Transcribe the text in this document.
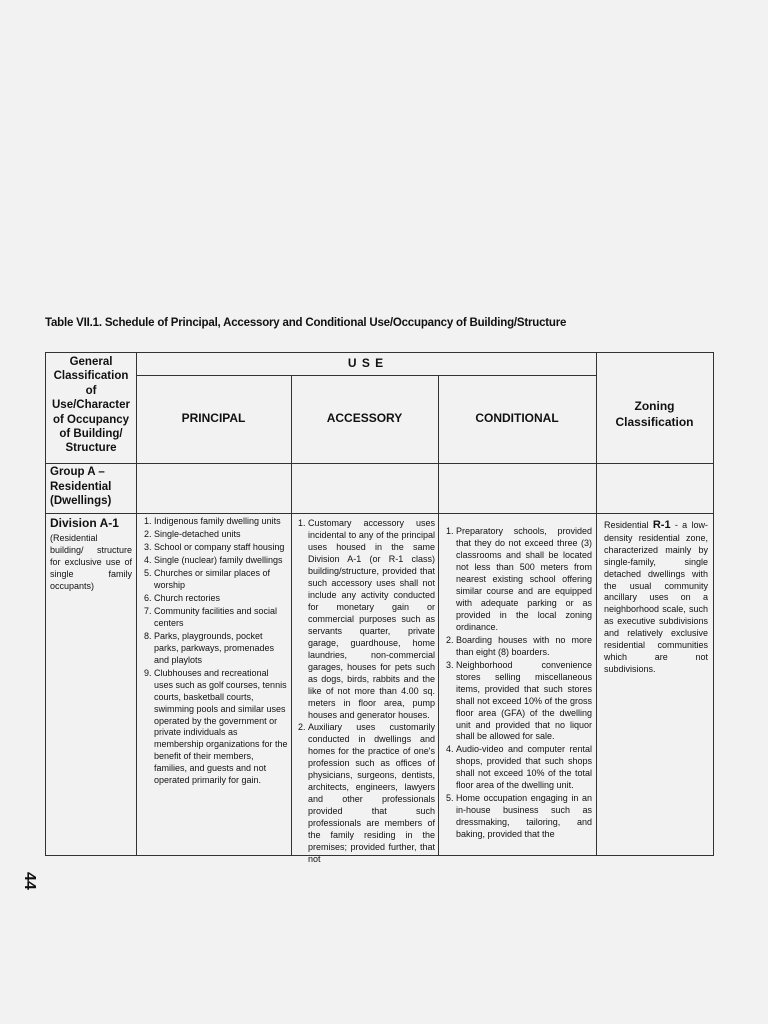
Table VII.1. Schedule of Principal, Accessory and Conditional Use/Occupancy of Building/Structure
General Classification of Use/Character of Occupancy of Building/ Structure
U S E
PRINCIPAL	ACCESSORY	CONDITIONAL
Zoning Classification
Group A – Residential (Dwellings)
Division A-1
(Residential building/ structure for exclusive use of single family occupants)
1. Indigenous family dwelling units
2. Single-detached units
3. School or company staff housing
4. Single (nuclear) family dwellings
5. Churches or similar places of worship
6. Church rectories
7. Community facilities and social centers
8. Parks, playgrounds, pocket parks, parkways, promenades and playlots
9. Clubhouses and recreational uses such as golf courses, tennis courts, basketball courts, swimming pools and similar uses operated by the government or private individuals as membership organizations for the benefit of their members, families, and guests and not operated primarily for gain.
1. Customary accessory uses incidental to any of the principal uses housed in the same Division A-1 (or R-1 class) building/structure, provided that such accessory uses shall not include any activity conducted for monetary gain or commercial purposes such as servants quarter, private garage, guardhouse, home laundries, non-commercial garages, houses for pets such as dogs, birds, rabbits and the like of not more than 4.00 sq. meters in floor area, pump houses and generator houses.
2. Auxiliary uses customarily conducted in dwellings and homes for the practice of one's profession such as offices of physicians, surgeons, dentists, architects, engineers, lawyers and other professionals provided that such professionals are members of the family residing in the premises; provided further, that not
1. Preparatory schools, provided that they do not exceed three (3) classrooms and shall be located not less than 500 meters from nearest existing school offering similar course and are equipped with adequate parking or as provided in the local zoning ordinance.
2. Boarding houses with no more than eight (8) boarders.
3. Neighborhood convenience stores selling miscellaneous items, provided that such stores shall not exceed 10% of the gross floor area (GFA) of the dwelling unit and provided that no liquor shall be allowed for sale.
4. Audio-video and computer rental shops, provided that such shops shall not exceed 10% of the total floor area of the dwelling unit.
5. Home occupation engaging in an in-house business such as dressmaking, tailoring, and baking, provided that the
Residential R-1 - a low-density residential zone, characterized mainly by single-family, single detached dwellings with the usual community ancillary uses on a neighborhood scale, such as executive subdivisions and relatively exclusive residential communities which are not subdivisions.
44
